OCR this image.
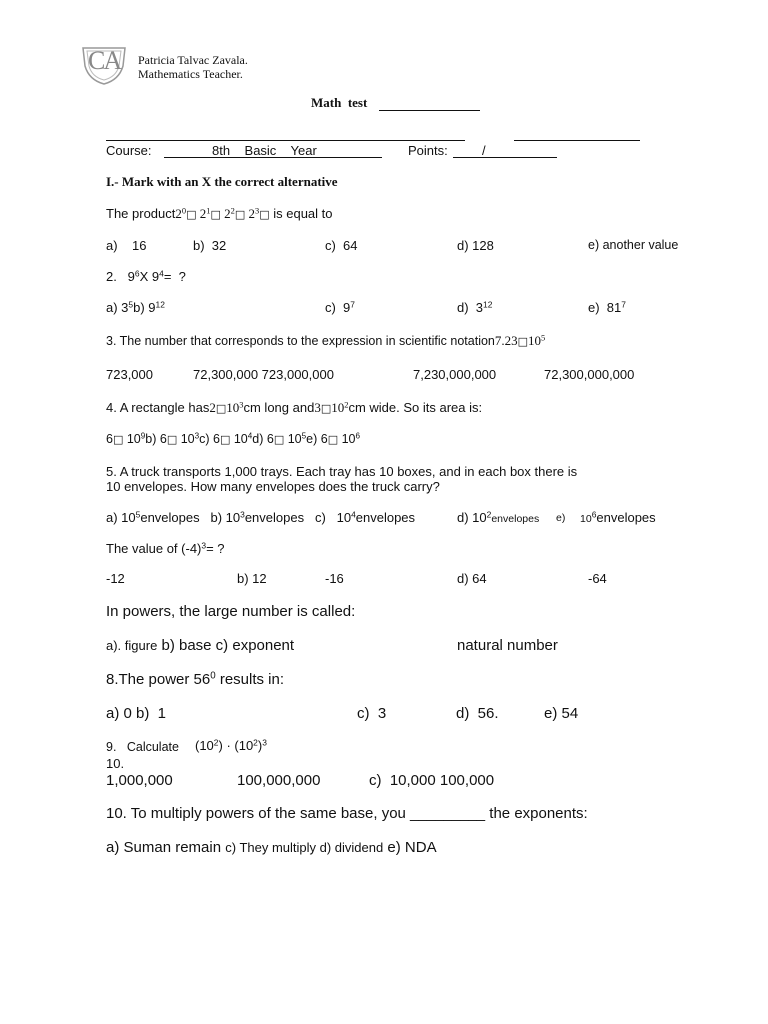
CA Patricia Talvac Zavala.
Mathematics Teacher.
Math  test
Course:	8th    Basic    Year	Points:	/
I.- Mark with an X the correct alternative
The $product2^0□$ $2^1□$ $2^2□$ $2^3□$ is equal to
a)    16	b)  32	c)  64	d) 128	e) another value
2.   $9^6X$ $9^4=$  ?
a) $3^5b$) $9^{12}$	c)  $9^7$	d)  $3^{12}$	e)  $81^7$
3. The number that corresponds to the expression in scientific $notation7.23□10^5$
723,000	72,300,000 723,000,000	7,230,000,000	72,300,000,000
4. A rectangle $has2□10^3cm$ long $and3□10^2cm$ wide. So its area is:
6□ $10^9b$) 6□ $10^3c$) 6□ $10^4d$) 6□ $10^5e$) 6□ $10^6$
5. A truck transports 1,000 trays. Each tray has 10 boxes, and in each box there is
10 envelopes. How many envelopes does the truck carry?
a) $10^5envelopes$ b) $10^3envelopes$ c)   $10^4envelopes$	d) $10^2envelopes$ e) $10^6envelopes$
The value of $(-4)^3=$ ?
-12	b) 12	-16	d) 64	-64
In powers, the large number is called:
a). figure b) base c) exponent	natural number
8.The power $56^0$ results in:
a) 0 b)  1	c)  3	d)  56.	e) 54
9.   Calculate $(10^2) \cdot (10^2)^3$
10.
1,000,000	100,000,000	c)  10,000 100,000
10. To multiply powers of the same base, you _________ the exponents:
a) Suman remain c) They multiply d) dividend e) NDA
